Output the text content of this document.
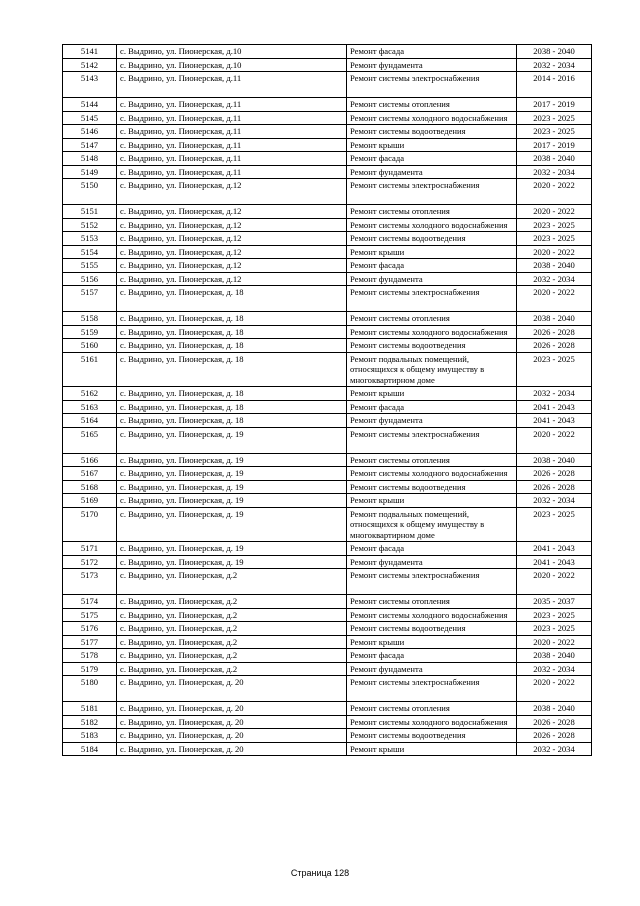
5141	с. Выдрино, ул. Пионерская, д.10	Ремонт фасада	2038 - 2040
5142	с. Выдрино, ул. Пионерская, д.10	Ремонт фундамента	2032 - 2034
5143	с. Выдрино, ул. Пионерская, д.11	Ремонт системы электроснабжения	2014 - 2016
5144	с. Выдрино, ул. Пионерская, д.11	Ремонт системы отопления	2017 - 2019
5145	с. Выдрино, ул. Пионерская, д.11	Ремонт системы холодного водоснабжения	2023 - 2025
5146	с. Выдрино, ул. Пионерская, д.11	Ремонт системы водоотведения	2023 - 2025
5147	с. Выдрино, ул. Пионерская, д.11	Ремонт крыши	2017 - 2019
5148	с. Выдрино, ул. Пионерская, д.11	Ремонт фасада	2038 - 2040
5149	с. Выдрино, ул. Пионерская, д.11	Ремонт фундамента	2032 - 2034
5150	с. Выдрино, ул. Пионерская, д.12	Ремонт системы электроснабжения	2020 - 2022
5151	с. Выдрино, ул. Пионерская, д.12	Ремонт системы отопления	2020 - 2022
5152	с. Выдрино, ул. Пионерская, д.12	Ремонт системы холодного водоснабжения	2023 - 2025
5153	с. Выдрино, ул. Пионерская, д.12	Ремонт системы водоотведения	2023 - 2025
5154	с. Выдрино, ул. Пионерская, д.12	Ремонт крыши	2020 - 2022
5155	с. Выдрино, ул. Пионерская, д.12	Ремонт фасада	2038 - 2040
5156	с. Выдрино, ул. Пионерская, д.12	Ремонт фундамента	2032 - 2034
5157	с. Выдрино, ул. Пионерская, д. 18	Ремонт системы электроснабжения	2020 - 2022
5158	с. Выдрино, ул. Пионерская, д. 18	Ремонт системы отопления	2038 - 2040
5159	с. Выдрино, ул. Пионерская, д. 18	Ремонт системы холодного водоснабжения	2026 - 2028
5160	с. Выдрино, ул. Пионерская, д. 18	Ремонт системы водоотведения	2026 - 2028
5161	с. Выдрино, ул. Пионерская, д. 18	Ремонт подвальных помещений, относящихся к общему имуществу в многоквартирном доме	2023 - 2025
5162	с. Выдрино, ул. Пионерская, д. 18	Ремонт крыши	2032 - 2034
5163	с. Выдрино, ул. Пионерская, д. 18	Ремонт фасада	2041 - 2043
5164	с. Выдрино, ул. Пионерская, д. 18	Ремонт фундамента	2041 - 2043
5165	с. Выдрино, ул. Пионерская, д. 19	Ремонт системы электроснабжения	2020 - 2022
5166	с. Выдрино, ул. Пионерская, д. 19	Ремонт системы отопления	2038 - 2040
5167	с. Выдрино, ул. Пионерская, д. 19	Ремонт системы холодного водоснабжения	2026 - 2028
5168	с. Выдрино, ул. Пионерская, д. 19	Ремонт системы водоотведения	2026 - 2028
5169	с. Выдрино, ул. Пионерская, д. 19	Ремонт крыши	2032 - 2034
5170	с. Выдрино, ул. Пионерская, д. 19	Ремонт подвальных помещений, относящихся к общему имуществу в многоквартирном доме	2023 - 2025
5171	с. Выдрино, ул. Пионерская, д. 19	Ремонт фасада	2041 - 2043
5172	с. Выдрино, ул. Пионерская, д. 19	Ремонт фундамента	2041 - 2043
5173	с. Выдрино, ул. Пионерская, д.2	Ремонт системы электроснабжения	2020 - 2022
5174	с. Выдрино, ул. Пионерская, д.2	Ремонт системы отопления	2035 - 2037
5175	с. Выдрино, ул. Пионерская, д.2	Ремонт системы холодного водоснабжения	2023 - 2025
5176	с. Выдрино, ул. Пионерская, д.2	Ремонт системы водоотведения	2023 - 2025
5177	с. Выдрино, ул. Пионерская, д.2	Ремонт крыши	2020 - 2022
5178	с. Выдрино, ул. Пионерская, д.2	Ремонт фасада	2038 - 2040
5179	с. Выдрино, ул. Пионерская, д.2	Ремонт фундамента	2032 - 2034
5180	с. Выдрино, ул. Пионерская, д. 20	Ремонт системы электроснабжения	2020 - 2022
5181	с. Выдрино, ул. Пионерская, д. 20	Ремонт системы отопления	2038 - 2040
5182	с. Выдрино, ул. Пионерская, д. 20	Ремонт системы холодного водоснабжения	2026 - 2028
5183	с. Выдрино, ул. Пионерская, д. 20	Ремонт системы водоотведения	2026 - 2028
5184	с. Выдрино, ул. Пионерская, д. 20	Ремонт крыши	2032 - 2034
Страница 128
